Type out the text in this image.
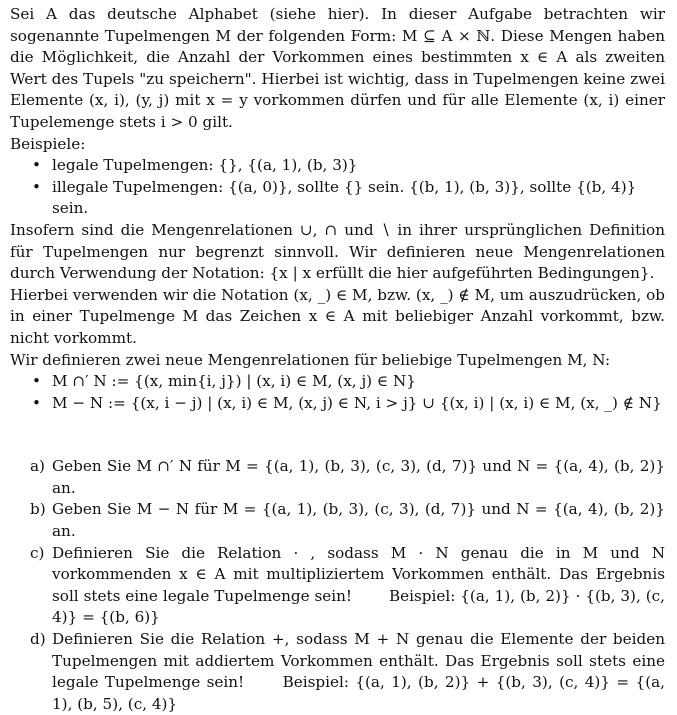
Sei A das deutsche Alphabet (siehe hier). In dieser Aufgabe betrachten wir sogenannte Tupelmengen M der folgenden Form: M ⊆ A × ℕ. Diese Mengen haben die Möglichkeit, die Anzahl der Vorkommen eines bestimmten x ∈ A als zweiten Wert des Tupels "zu speichern". Hierbei ist wichtig, dass in Tupelmengen keine zwei Elemente (x, i), (y, j) mit x = y vorkommen dürfen und für alle Elemente (x, i) einer Tupelemenge stets i > 0 gilt.

Beispiele:

• legale Tupelmengen: {}, {(a, 1), (b, 3)}
• illegale Tupelmengen: {(a, 0)}, sollte {} sein. {(b, 1), (b, 3)}, sollte {(b, 4)} sein.

Insofern sind die Mengenrelationen ∪, ∩ und ∖ in ihrer ursprünglichen Definition für Tupelmengen nur begrenzt sinnvoll. Wir definieren neue Mengenrelationen durch Verwendung der Notation: {x | x erfüllt die hier aufgeführten Bedingungen}.

Hierbei verwenden wir die Notation (x, _) ∈ M, bzw. (x, _) ∉ M, um auszudrücken, ob in einer Tupelmenge M das Zeichen x ∈ A mit beliebiger Anzahl vorkommt, bzw. nicht vorkommt.

Wir definieren zwei neue Mengenrelationen für beliebige Tupelmengen M, N:

• M ∩′ N := {(x, min{i, j}) | (x, i) ∈ M, (x, j) ∈ N}
• M − N := {(x, i − j) | (x, i) ∈ M, (x, j) ∈ N, i > j} ∪ {(x, i) | (x, i) ∈ M, (x, _) ∉ N}
a) Geben Sie M ∩′ N für M = {(a, 1), (b, 3), (c, 3), (d, 7)} und N = {(a, 4), (b, 2)} an.
b) Geben Sie M − N für M = {(a, 1), (b, 3), (c, 3), (d, 7)} und N = {(a, 4), (b, 2)} an.
c) Definieren Sie die Relation · , sodass M · N genau die in M und N vorkommenden x ∈ A mit multipliziertem Vorkommen enthält. Das Ergebnis soll stets eine legale Tupelmenge sein! Beispiel: {(a, 1), (b, 2)} · {(b, 3), (c, 4)} = {(b, 6)}
d) Definieren Sie die Relation +, sodass M + N genau die Elemente der beiden Tupelmengen mit addiertem Vorkommen enthält. Das Ergebnis soll stets eine legale Tupelmenge sein!	Beispiel: {(a, 1), (b, 2)} + {(b, 3), (c, 4)} = {(a, 1), (b, 5), (c, 4)}
